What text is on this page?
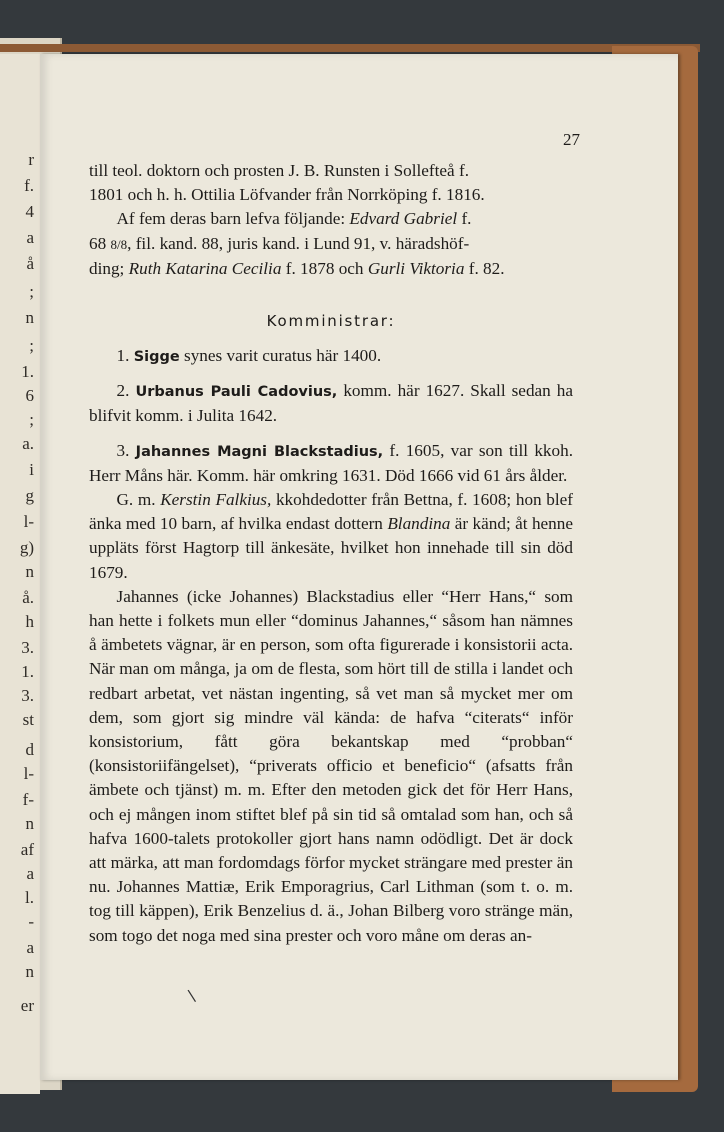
r
f.
4
a
å
;
n
;
1.
6
;
a.
i
g
l-
g)
n
å.
h
3.
1.
3.
st
d
l-
f-
n
af
a
l.
-
a
n
er
27

till teol. doktorn och prosten J. B. Runsten i Sollefteå f.

1801 och h. h. Ottilia Löfvander från Norrköping f. 1816.

Af fem deras barn lefva följande: Edvard Gabriel f.

68 8/8, fil. kand. 88, juris kand. i Lund 91, v. häradshöf-

ding; Ruth Katarina Cecilia f. 1878 och Gurli Viktoria f. 82.

Komministrar:

1. Sigge synes varit curatus här 1400.

2. Urbanus Pauli Cadovius, komm. här 1627. Skall sedan ha blifvit komm. i Julita 1642.

3. Jahannes Magni Blackstadius, f. 1605, var son till kkoh. Herr Måns här. Komm. här omkring 1631. Död 1666 vid 61 års ålder.

G. m. Kerstin Falkius, kkohdedotter från Bettna, f. 1608; hon blef änka med 10 barn, af hvilka endast dottern Blandina är känd; åt henne uppläts först Hagtorp till änkesäte, hvilket hon innehade till sin död 1679.

Jahannes (icke Johannes) Blackstadius eller “Herr Hans,“ som han hette i folkets mun eller “dominus Jahannes,“ såsom han nämnes å ämbetets vägnar, är en person, som ofta figurerade i konsistorii acta. När man om många, ja om de flesta, som hört till de stilla i landet och redbart arbetat, vet nästan ingenting, så vet man så mycket mer om dem, som gjort sig mindre väl kända: de hafva “citerats“ inför konsistorium, fått göra bekantskap med “probban“ (konsistoriifängelset), “priverats officio et beneficio“ (afsatts från ämbete och tjänst) m. m. Efter den metoden gick det för Herr Hans, och ej mången inom stiftet blef på sin tid så omtalad som han, och så hafva 1600-talets protokoller gjort hans namn odödligt. Det är dock att märka, att man fordomdags förfor mycket strängare med prester än nu. Johannes Mattiæ, Erik Emporagrius, Carl Lithman (som t. o. m. tog till käppen), Erik Benzelius d. ä., Johan Bilberg voro stränge män, som togo det noga med sina prester och voro måne om deras an-

\
